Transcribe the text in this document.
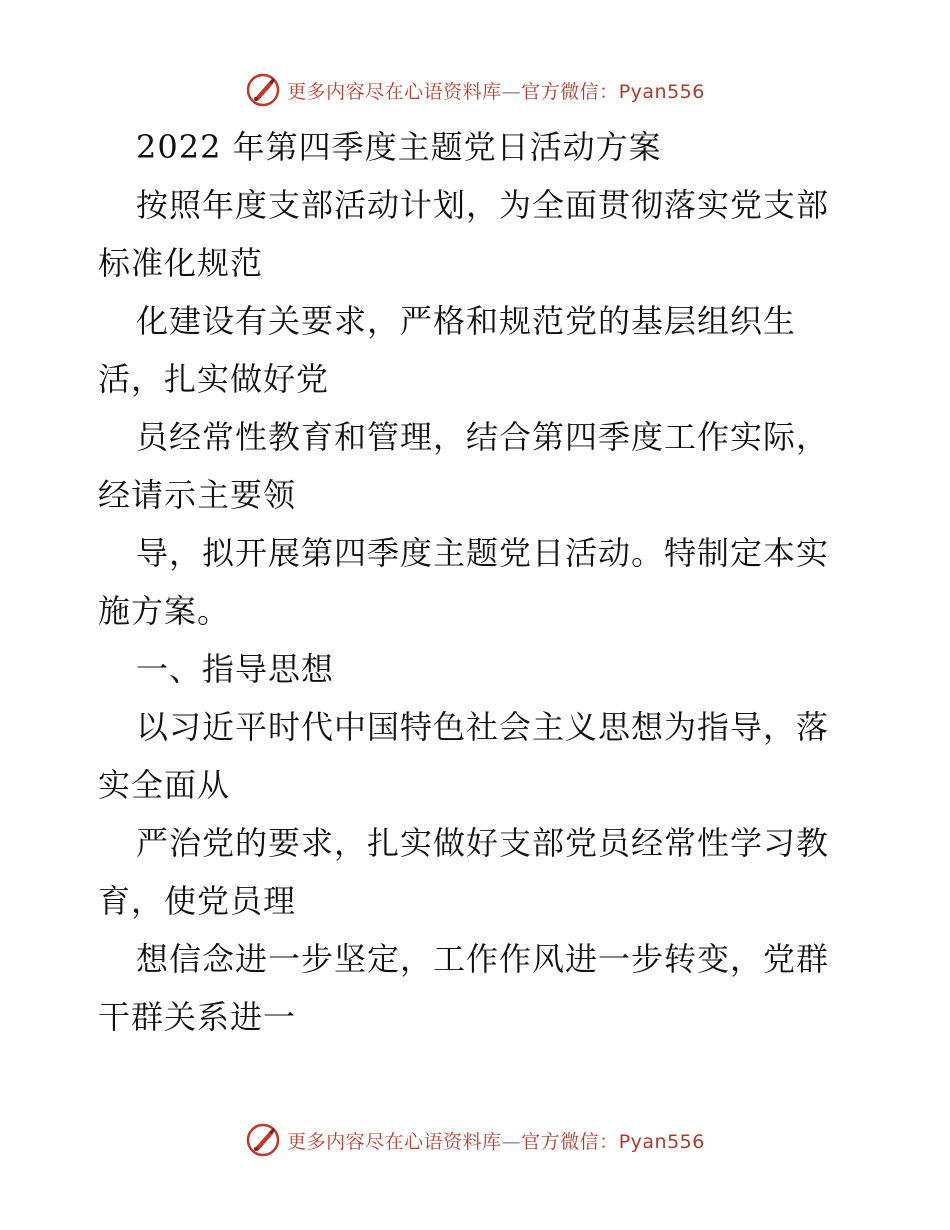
更多内容尽在心语资料库—官方微信：Pyan556
2022 年第四季度主题党日活动方案
按照年度支部活动计划，为全面贯彻落实党支部
标准化规范
化建设有关要求，严格和规范党的基层组织生
活，扎实做好党
员经常性教育和管理，结合第四季度工作实际，
经请示主要领
导，拟开展第四季度主题党日活动。特制定本实
施方案。
一、指导思想
以习近平时代中国特色社会主义思想为指导，落
实全面从
严治党的要求，扎实做好支部党员经常性学习教
育，使党员理
想信念进一步坚定，工作作风进一步转变，党群
干群关系进一
更多内容尽在心语资料库—官方微信：Pyan556
